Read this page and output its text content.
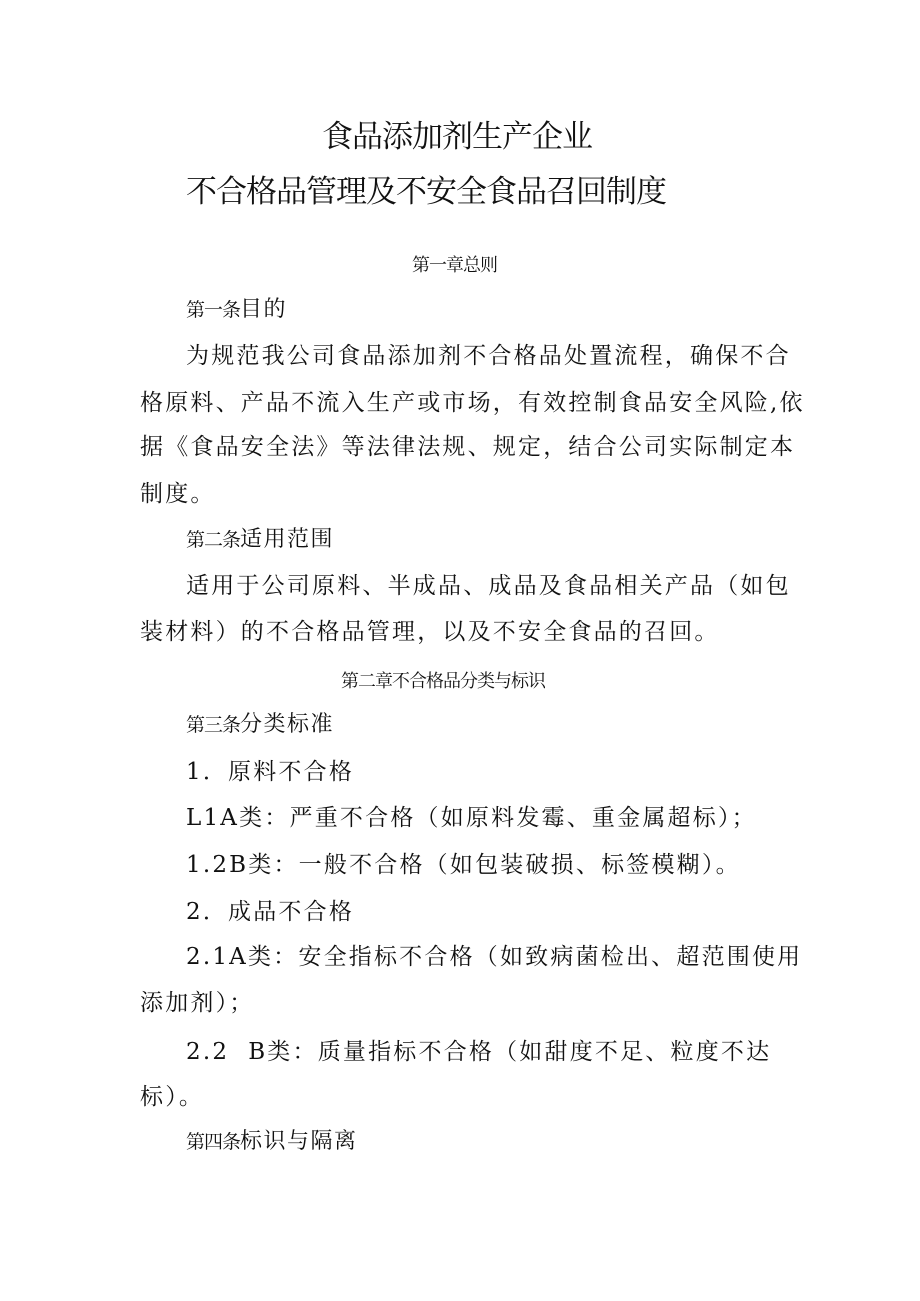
食品添加剂生产企业
不合格品管理及不安全食品召回制度
第一章总则
第一条目的
为规范我公司食品添加剂不合格品处置流程，确保不合
格原料、产品不流入生产或市场，有效控制食品安全风险,依
据《食品安全法》等法律法规、规定，结合公司实际制定本
制度。
第二条适用范围
适用于公司原料、半成品、成品及食品相关产品（如包
装材料）的不合格品管理，以及不安全食品的召回。
第二章不合格品分类与标识
第三条分类标准
1．原料不合格
L1A类：严重不合格（如原料发霉、重金属超标）；
1.2B类：一般不合格（如包装破损、标签模糊）。
2．成品不合格
2.1A类：安全指标不合格（如致病菌检出、超范围使用
添加剂）；
2.2  B类：质量指标不合格（如甜度不足、粒度不达
标）。
第四条标识与隔离
